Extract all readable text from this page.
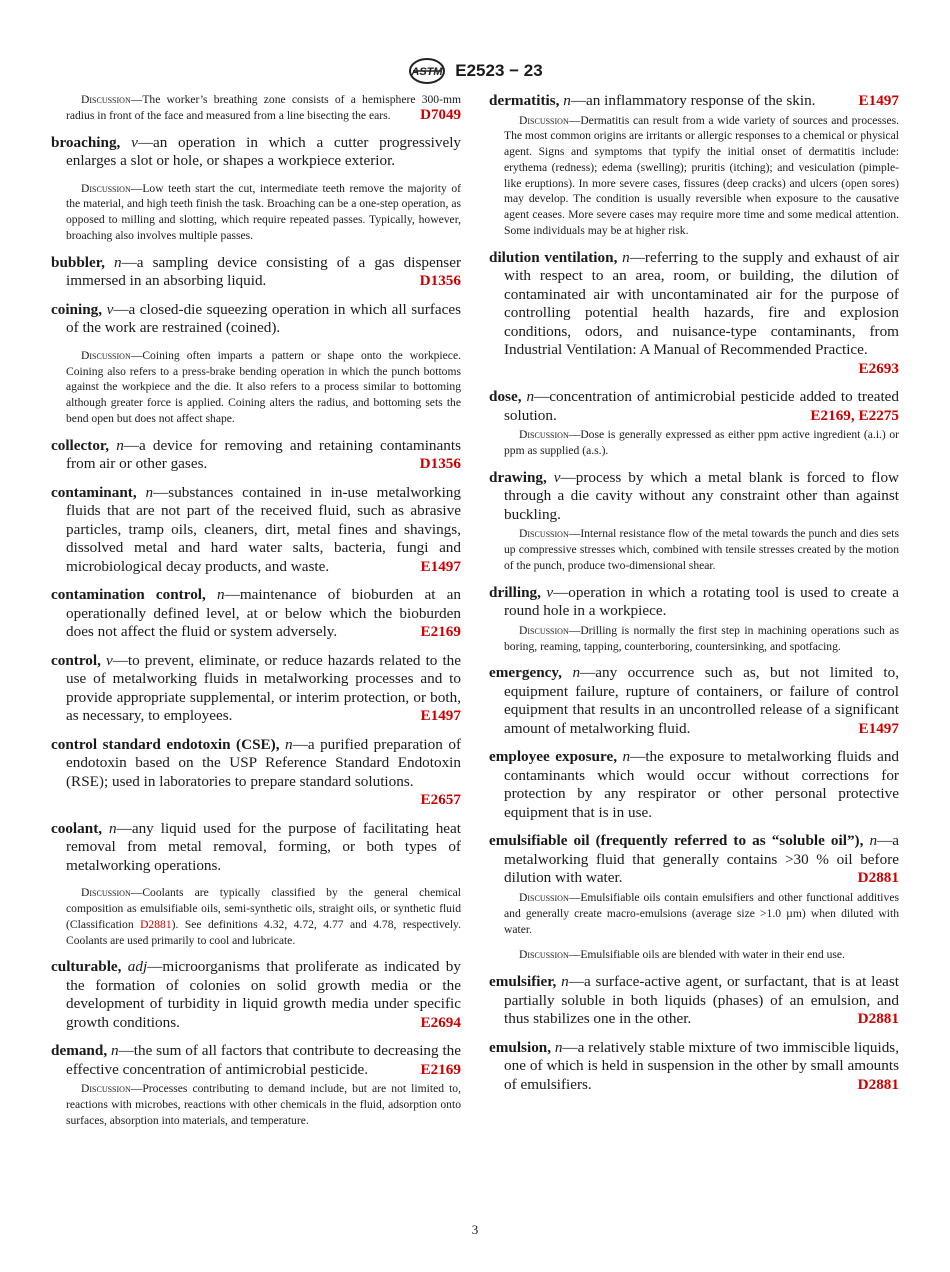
ASTM E2523 − 23
Discussion—The worker’s breathing zone consists of a hemisphere 300-mm radius in front of the face and measured from a line bisecting the ears.	D7049
broaching, v—an operation in which a cutter progressively enlarges a slot or hole, or shapes a workpiece exterior.
Discussion—Low teeth start the cut, intermediate teeth remove the majority of the material, and high teeth finish the task. Broaching can be a one-step operation, as opposed to milling and slotting, which require repeated passes. Typically, however, broaching also involves multiple passes.
bubbler, n—a sampling device consisting of a gas dispenser immersed in an absorbing liquid.	D1356
coining, v—a closed-die squeezing operation in which all surfaces of the work are restrained (coined).
Discussion—Coining often imparts a pattern or shape onto the workpiece. Coining also refers to a press-brake bending operation in which the punch bottoms against the workpiece and the die. It also refers to a process similar to bottoming although greater force is applied. Coining alters the radius, and bottoming sets the bend open but does not affect shape.
collector, n—a device for removing and retaining contaminants from air or other gases.	D1356
contaminant, n—substances contained in in-use metalworking fluids that are not part of the received fluid, such as abrasive particles, tramp oils, cleaners, dirt, metal fines and shavings, dissolved metal and hard water salts, bacteria, fungi and microbiological decay products, and waste.	E1497
contamination control, n—maintenance of bioburden at an operationally defined level, at or below which the bioburden does not affect the fluid or system adversely.	E2169
control, v—to prevent, eliminate, or reduce hazards related to the use of metalworking fluids in metalworking processes and to provide appropriate supplemental, or interim protection, or both, as necessary, to employees.	E1497
control standard endotoxin (CSE), n—a purified preparation of endotoxin based on the USP Reference Standard Endotoxin (RSE); used in laboratories to prepare standard solutions.
E2657
coolant, n—any liquid used for the purpose of facilitating heat removal from metal removal, forming, or both types of metalworking operations.
Discussion—Coolants are typically classified by the general chemical composition as emulsifiable oils, semi-synthetic oils, straight oils, or synthetic fluid (Classification D2881). See definitions 4.32, 4.72, 4.77 and 4.78, respectively. Coolants are used primarily to cool and lubricate.
culturable, adj—microorganisms that proliferate as indicated by the formation of colonies on solid growth media or the development of turbidity in liquid growth media under specific growth conditions.	E2694
demand, n—the sum of all factors that contribute to decreasing the effective concentration of antimicrobial pesticide.	E2169
Discussion—Processes contributing to demand include, but are not limited to, reactions with microbes, reactions with other chemicals in the fluid, adsorption onto surfaces, absorption into materials, and temperature.
dermatitis, n—an inflammatory response of the skin.	E1497
Discussion—Dermatitis can result from a wide variety of sources and processes. The most common origins are irritants or allergic responses to a chemical or physical agent. Signs and symptoms that typify the initial onset of dermatitis include: erythema (redness); edema (swelling); pruritis (itching); and vesiculation (pimple-like eruptions). In more severe cases, fissures (deep cracks) and ulcers (open sores) may develop. The condition is usually reversible when exposure to the causative agent ceases. More severe cases may require more time and some medical attention. Some individuals may be at higher risk.
dilution ventilation, n—referring to the supply and exhaust of air with respect to an area, room, or building, the dilution of contaminated air with uncontaminated air for the purpose of controlling potential health hazards, fire and explosion conditions, odors, and nuisance-type contaminants, from Industrial Ventilation: A Manual of Recommended Practice.
E2693
dose, n—concentration of antimicrobial pesticide added to treated solution.	E2169, E2275
Discussion—Dose is generally expressed as either ppm active ingredient (a.i.) or ppm as supplied (a.s.).
drawing, v—process by which a metal blank is forced to flow through a die cavity without any constraint other than against buckling.
Discussion—Internal resistance flow of the metal towards the punch and dies sets up compressive stresses which, combined with tensile stresses created by the motion of the punch, produce two-dimensional shear.
drilling, v—operation in which a rotating tool is used to create a round hole in a workpiece.
Discussion—Drilling is normally the first step in machining operations such as boring, reaming, tapping, counterboring, countersinking, and spotfacing.
emergency, n—any occurrence such as, but not limited to, equipment failure, rupture of containers, or failure of control equipment that results in an uncontrolled release of a significant amount of metalworking fluid.	E1497
employee exposure, n—the exposure to metalworking fluids and contaminants which would occur without corrections for protection by any respirator or other personal protective equipment that is in use.
emulsifiable oil (frequently referred to as “soluble oil”), n—a metalworking fluid that generally contains >30 % oil before dilution with water.	D2881
Discussion—Emulsifiable oils contain emulsifiers and other functional additives and generally create macro-emulsions (average size >1.0 µm) when diluted with water.
Discussion—Emulsifiable oils are blended with water in their end use.
emulsifier, n—a surface-active agent, or surfactant, that is at least partially soluble in both liquids (phases) of an emulsion, and thus stabilizes one in the other.	D2881
emulsion, n—a relatively stable mixture of two immiscible liquids, one of which is held in suspension in the other by small amounts of emulsifiers.	D2881
3
